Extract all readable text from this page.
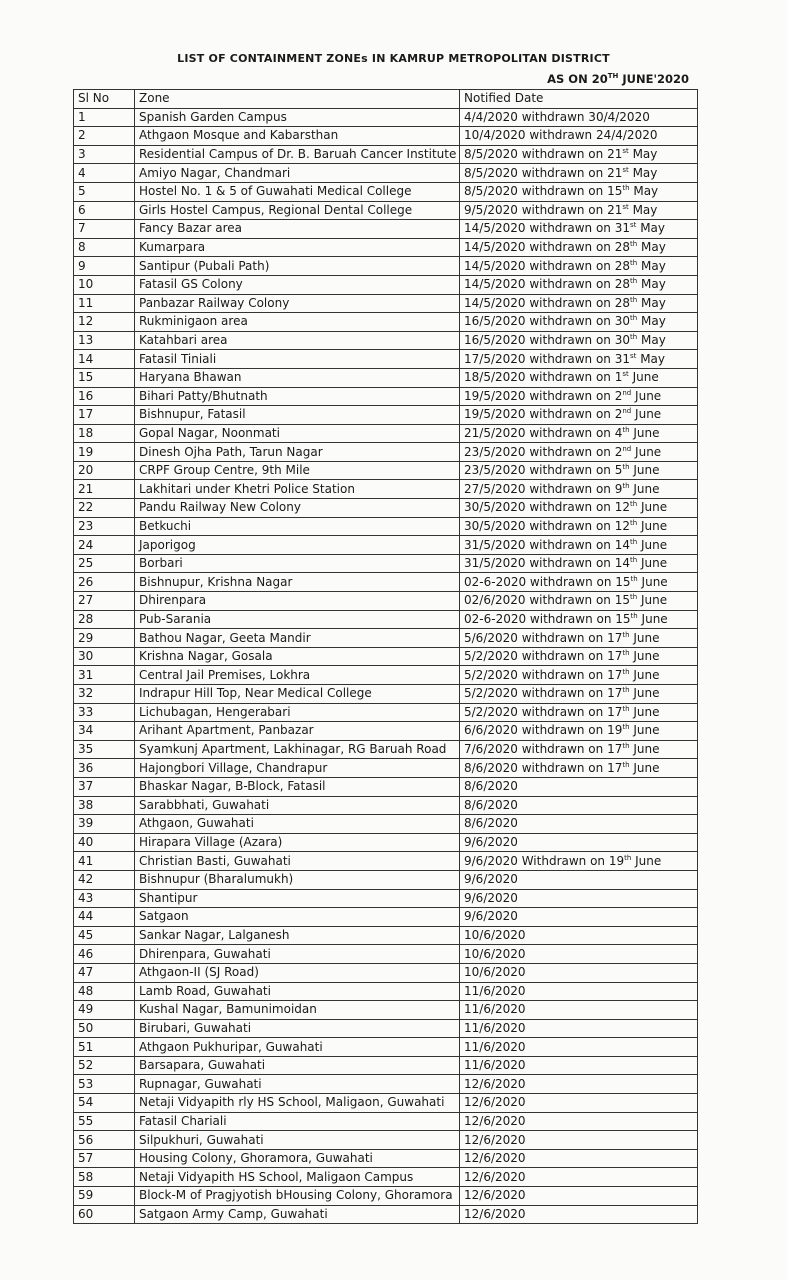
LIST OF CONTAINMENT ZONEs IN KAMRUP METROPOLITAN DISTRICT
AS ON 20TH JUNE'2020
Sl No	Zone	Notified Date
1	Spanish Garden Campus	4/4/2020 withdrawn 30/4/2020
2	Athgaon Mosque and Kabarsthan	10/4/2020 withdrawn 24/4/2020
3	Residential Campus of Dr. B. Baruah Cancer Institute	8/5/2020 withdrawn on 21st May
4	Amiyo Nagar, Chandmari	8/5/2020 withdrawn on 21st May
5	Hostel No. 1 & 5 of Guwahati Medical College	8/5/2020 withdrawn on 15th May
6	Girls Hostel Campus, Regional Dental College	9/5/2020 withdrawn on 21st May
7	Fancy Bazar area	14/5/2020 withdrawn on 31st May
8	Kumarpara	14/5/2020 withdrawn on 28th May
9	Santipur (Pubali Path)	14/5/2020 withdrawn on 28th May
10	Fatasil GS Colony	14/5/2020 withdrawn on 28th May
11	Panbazar Railway Colony	14/5/2020 withdrawn on 28th May
12	Rukminigaon area	16/5/2020 withdrawn on 30th May
13	Katahbari area	16/5/2020 withdrawn on 30th May
14	Fatasil Tiniali	17/5/2020 withdrawn on 31st May
15	Haryana Bhawan	18/5/2020 withdrawn on 1st June
16	Bihari Patty/Bhutnath	19/5/2020 withdrawn on 2nd June
17	Bishnupur, Fatasil	19/5/2020 withdrawn on 2nd June
18	Gopal Nagar, Noonmati	21/5/2020 withdrawn on 4th June
19	Dinesh Ojha Path, Tarun Nagar	23/5/2020 withdrawn on 2nd June
20	CRPF Group Centre, 9th Mile	23/5/2020 withdrawn on 5th June
21	Lakhitari under Khetri Police Station	27/5/2020 withdrawn on 9th June
22	Pandu Railway New Colony	30/5/2020 withdrawn on 12th June
23	Betkuchi	30/5/2020 withdrawn on 12th June
24	Japorigog	31/5/2020 withdrawn on 14th June
25	Borbari	31/5/2020 withdrawn on 14th June
26	Bishnupur, Krishna Nagar	02-6-2020 withdrawn on 15th June
27	Dhirenpara	02/6/2020 withdrawn on 15th June
28	Pub-Sarania	02-6-2020 withdrawn on 15th June
29	Bathou Nagar, Geeta Mandir	5/6/2020 withdrawn on 17th June
30	Krishna Nagar, Gosala	5/2/2020 withdrawn on 17th June
31	Central Jail Premises, Lokhra	5/2/2020 withdrawn on 17th June
32	Indrapur Hill Top, Near Medical College	5/2/2020 withdrawn on 17th June
33	Lichubagan, Hengerabari	5/2/2020 withdrawn on 17th June
34	Arihant Apartment, Panbazar	6/6/2020 withdrawn on 19th June
35	Syamkunj Apartment, Lakhinagar, RG Baruah Road	7/6/2020 withdrawn on 17th June
36	Hajongbori Village, Chandrapur	8/6/2020 withdrawn on 17th June
37	Bhaskar Nagar, B-Block, Fatasil	8/6/2020
38	Sarabbhati, Guwahati	8/6/2020
39	Athgaon, Guwahati	8/6/2020
40	Hirapara Village (Azara)	9/6/2020
41	Christian Basti, Guwahati	9/6/2020 Withdrawn on 19th June
42	Bishnupur (Bharalumukh)	9/6/2020
43	Shantipur	9/6/2020
44	Satgaon	9/6/2020
45	Sankar Nagar, Lalganesh	10/6/2020
46	Dhirenpara, Guwahati	10/6/2020
47	Athgaon-II (SJ Road)	10/6/2020
48	Lamb Road, Guwahati	11/6/2020
49	Kushal Nagar, Bamunimoidan	11/6/2020
50	Birubari, Guwahati	11/6/2020
51	Athgaon Pukhuripar, Guwahati	11/6/2020
52	Barsapara, Guwahati	11/6/2020
53	Rupnagar, Guwahati	12/6/2020
54	Netaji Vidyapith rly HS School, Maligaon, Guwahati	12/6/2020
55	Fatasil Chariali	12/6/2020
56	Silpukhuri, Guwahati	12/6/2020
57	Housing Colony, Ghoramora, Guwahati	12/6/2020
58	Netaji Vidyapith HS School, Maligaon Campus	12/6/2020
59	Block-M of Pragjyotish bHousing Colony, Ghoramora	12/6/2020
60	Satgaon Army Camp, Guwahati	12/6/2020
